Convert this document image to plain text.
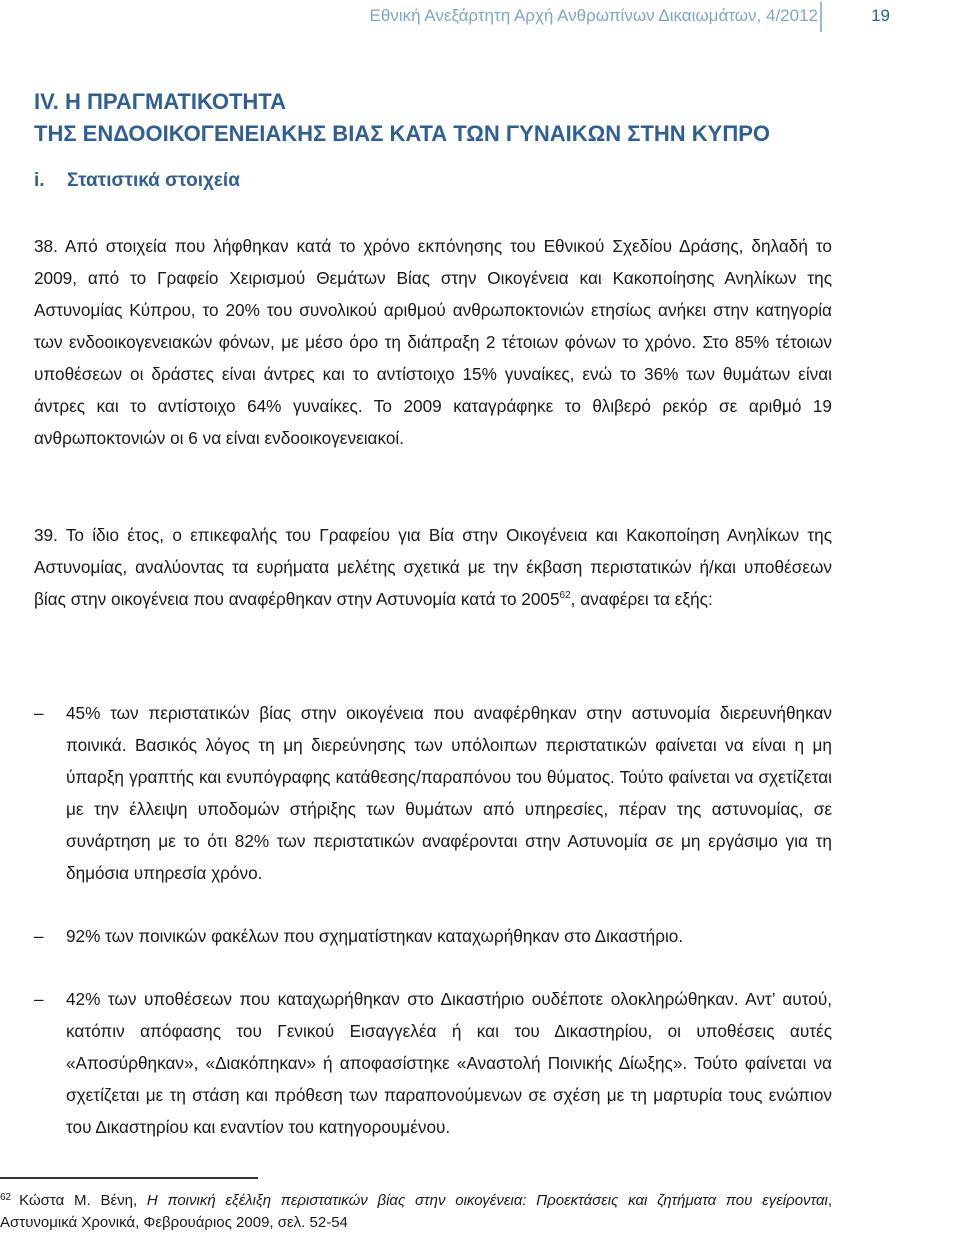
Εθνική Ανεξάρτητη Αρχή Ανθρωπίνων Δικαιωμάτων, 4/2012	19
IV. Η ΠΡΑΓΜΑΤΙΚΟΤΗΤΑ
ΤΗΣ ΕΝΔΟΟΙΚΟΓΕΝΕΙΑΚΗΣ ΒΙΑΣ ΚΑΤΑ ΤΩΝ ΓΥΝΑΙΚΩΝ ΣΤΗΝ ΚΥΠΡΟ
i. Στατιστικά στοιχεία
38. Από στοιχεία που λήφθηκαν κατά το χρόνο εκπόνησης του Εθνικού Σχεδίου Δράσης, δηλαδή το 2009, από το Γραφείο Χειρισμού Θεμάτων Βίας στην Οικογένεια και Κακοποίησης Ανηλίκων της Αστυνομίας Κύπρου, το 20% του συνολικού αριθμού ανθρωποκτονιών ετησίως ανήκει στην κατηγορία των ενδοοικογενειακών φόνων, με μέσο όρο τη διάπραξη 2 τέτοιων φόνων το χρόνο. Στο 85% τέτοιων υποθέσεων οι δράστες είναι άντρες και το αντίστοιχο 15% γυναίκες, ενώ το 36% των θυμάτων είναι άντρες και το αντίστοιχο 64% γυναίκες. Το 2009 καταγράφηκε το θλιβερό ρεκόρ σε αριθμό 19 ανθρωποκτονιών οι 6 να είναι ενδοοικογενειακοί.
39. Το ίδιο έτος, ο επικεφαλής του Γραφείου για Βία στην Οικογένεια και Κακοποίηση Ανηλίκων της Αστυνομίας, αναλύοντας τα ευρήματα μελέτης σχετικά με την έκβαση περιστατικών ή/και υποθέσεων βίας στην οικογένεια που αναφέρθηκαν στην Αστυνομία κατά το 2005$^{62}$, αναφέρει τα εξής:
–	45% των περιστατικών βίας στην οικογένεια που αναφέρθηκαν στην αστυνομία διερευνήθηκαν ποινικά. Βασικός λόγος τη μη διερεύνησης των υπόλοιπων περιστατικών φαίνεται να είναι η μη ύπαρξη γραπτής και ενυπόγραφης κατάθεσης/παραπόνου του θύματος. Τούτο φαίνεται να σχετίζεται με την έλλειψη υποδομών στήριξης των θυμάτων από υπηρεσίες, πέραν της αστυνομίας, σε συνάρτηση με το ότι 82% των περιστατικών αναφέρονται στην Αστυνομία σε μη εργάσιμο για τη δημόσια υπηρεσία χρόνο.
–	92% των ποινικών φακέλων που σχηματίστηκαν καταχωρήθηκαν στο Δικαστήριο.
–	42% των υποθέσεων που καταχωρήθηκαν στο Δικαστήριο ουδέποτε ολοκληρώθηκαν. Αντ’ αυτού, κατόπιν απόφασης του Γενικού Εισαγγελέα ή και του Δικαστηρίου, οι υποθέσεις αυτές «Αποσύρθηκαν», «Διακόπηκαν» ή αποφασίστηκε «Αναστολή Ποινικής Δίωξης». Τούτο φαίνεται να σχετίζεται με τη στάση και πρόθεση των παραπονούμενων σε σχέση με τη μαρτυρία τους ενώπιον του Δικαστηρίου και εναντίον του κατηγορουμένου.
$^{62}$ Κώστα Μ. Βένη, Η ποινική εξέλιξη περιστατικών βίας στην οικογένεια: Προεκτάσεις και ζητήματα που εγείρονται, Αστυνομικά Χρονικά, Φεβρουάριος 2009, σελ. 52-54
